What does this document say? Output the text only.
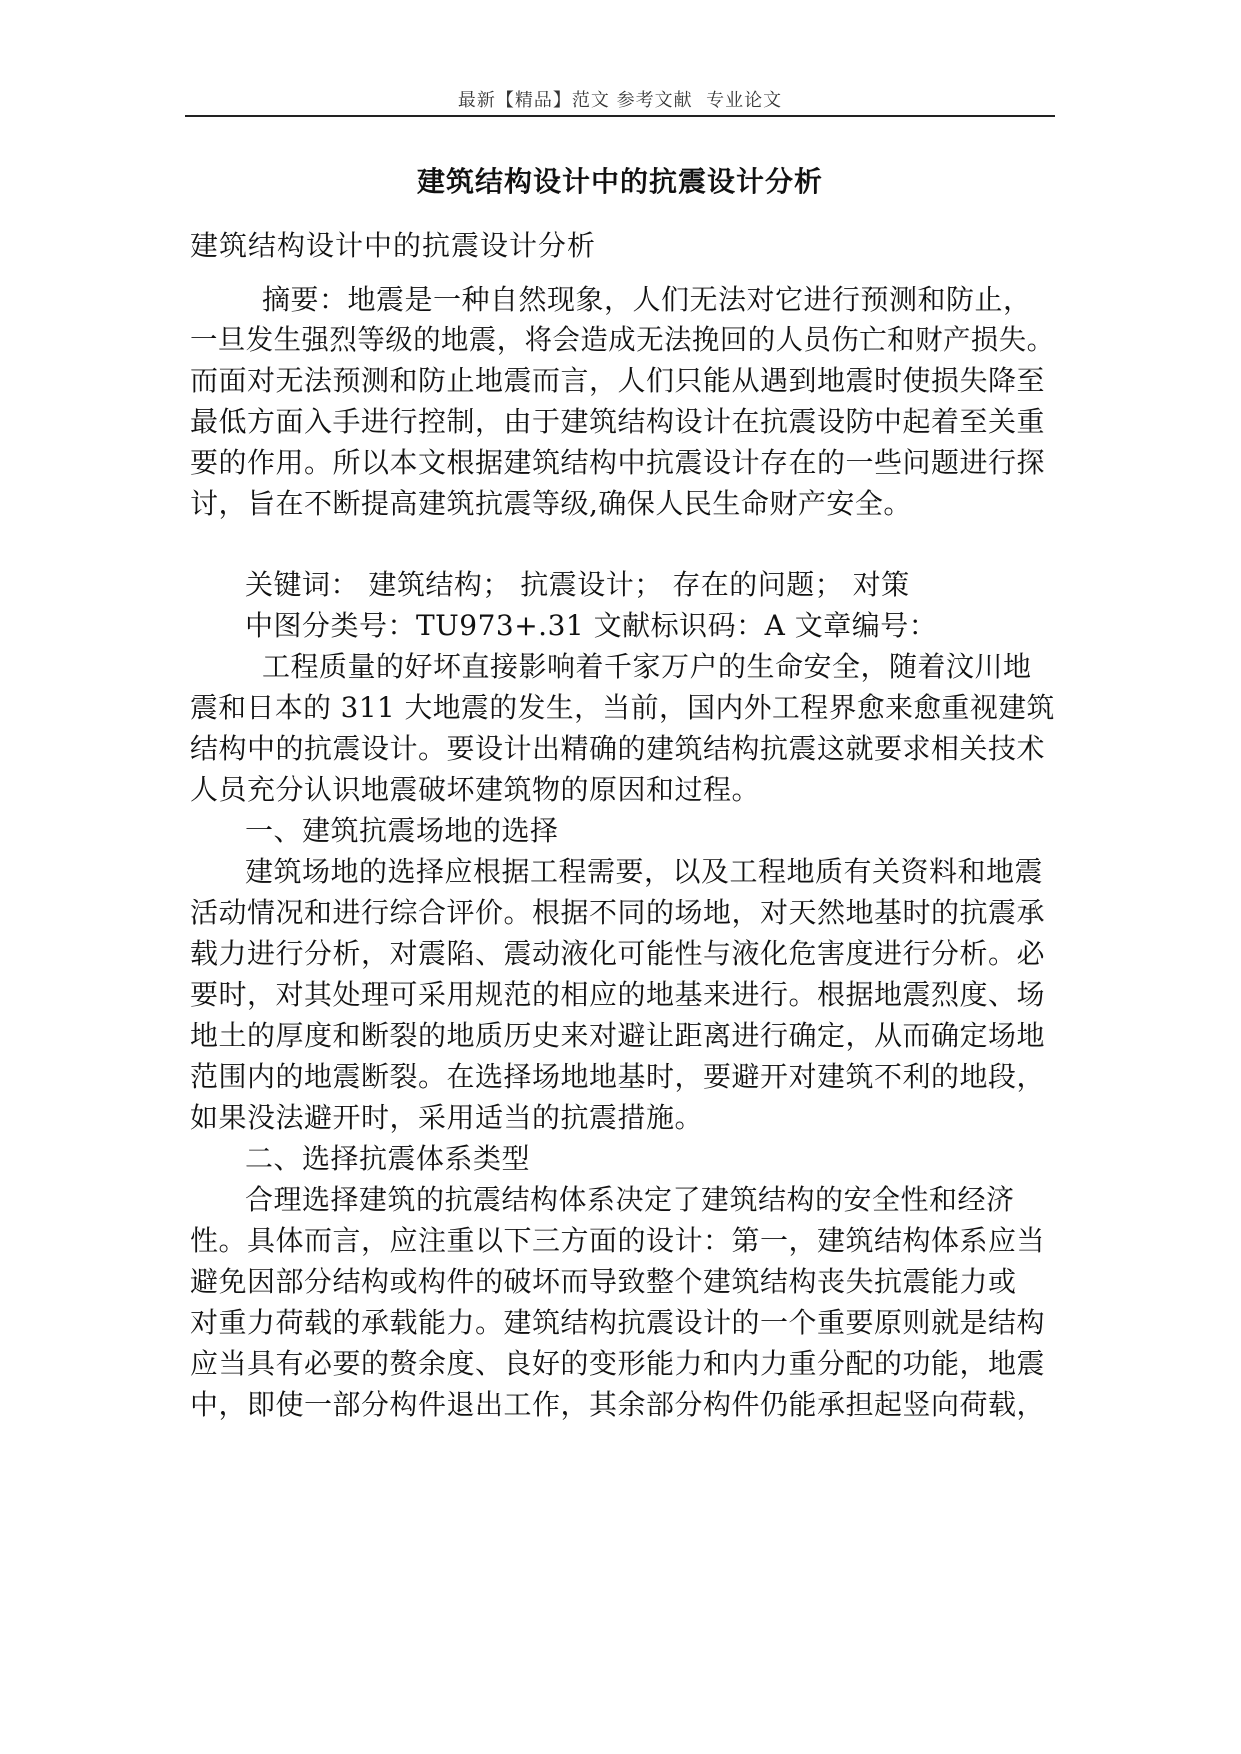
最新【精品】范文 参考文献  专业论文
建筑结构设计中的抗震设计分析
建筑结构设计中的抗震设计分析
摘要：地震是一种自然现象，人们无法对它进行预测和防止，
一旦发生强烈等级的地震，将会造成无法挽回的人员伤亡和财产损失。
而面对无法预测和防止地震而言，人们只能从遇到地震时使损失降至
最低方面入手进行控制，由于建筑结构设计在抗震设防中起着至关重
要的作用。所以本文根据建筑结构中抗震设计存在的一些问题进行探
讨，旨在不断提高建筑抗震等级,确保人民生命财产安全。
关键词： 建筑结构； 抗震设计； 存在的问题； 对策
中图分类号：TU973+.31 文献标识码：A 文章编号：
工程质量的好坏直接影响着千家万户的生命安全，随着汶川地
震和日本的 311 大地震的发生，当前，国内外工程界愈来愈重视建筑
结构中的抗震设计。要设计出精确的建筑结构抗震这就要求相关技术
人员充分认识地震破坏建筑物的原因和过程。
一、建筑抗震场地的选择
建筑场地的选择应根据工程需要，以及工程地质有关资料和地震
活动情况和进行综合评价。根据不同的场地，对天然地基时的抗震承
载力进行分析，对震陷、震动液化可能性与液化危害度进行分析。必
要时，对其处理可采用规范的相应的地基来进行。根据地震烈度、场
地土的厚度和断裂的地质历史来对避让距离进行确定，从而确定场地
范围内的地震断裂。在选择场地地基时，要避开对建筑不利的地段，
如果没法避开时，采用适当的抗震措施。
二、选择抗震体系类型
合理选择建筑的抗震结构体系决定了建筑结构的安全性和经济
性。具体而言，应注重以下三方面的设计：第一，建筑结构体系应当
避免因部分结构或构件的破坏而导致整个建筑结构丧失抗震能力或
对重力荷载的承载能力。建筑结构抗震设计的一个重要原则就是结构
应当具有必要的赘余度、良好的变形能力和内力重分配的功能，地震
中，即使一部分构件退出工作，其余部分构件仍能承担起竖向荷载，
